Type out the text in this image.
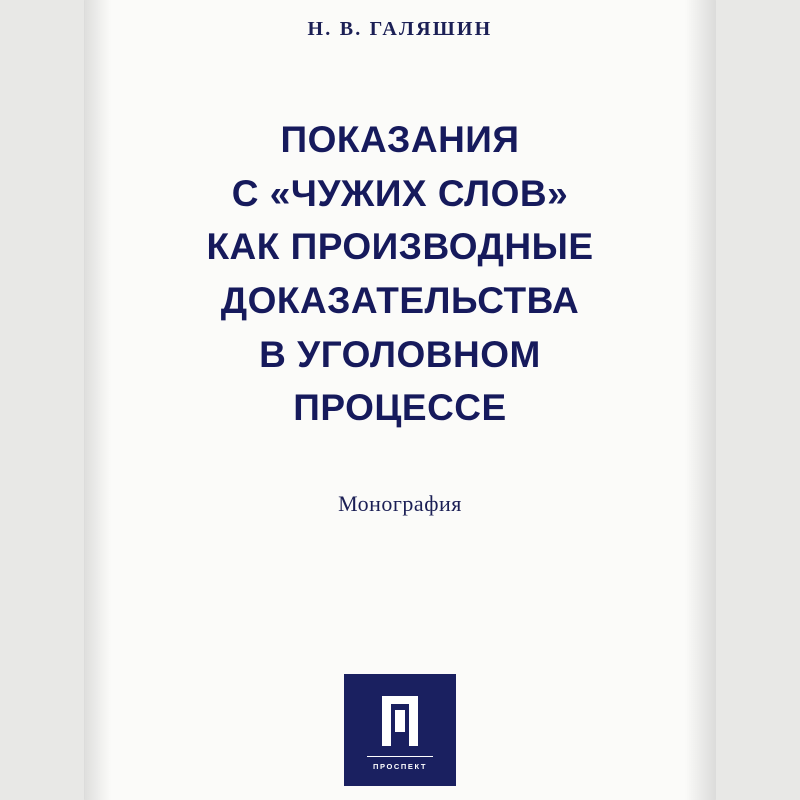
Н. В. ГАЛЯШИН
ПОКАЗАНИЯ
С «ЧУЖИХ СЛОВ»
КАК ПРОИЗВОДНЫЕ
ДОКАЗАТЕЛЬСТВА
В УГОЛОВНОМ
ПРОЦЕССЕ
Монография
ПРОСПЕКТ
